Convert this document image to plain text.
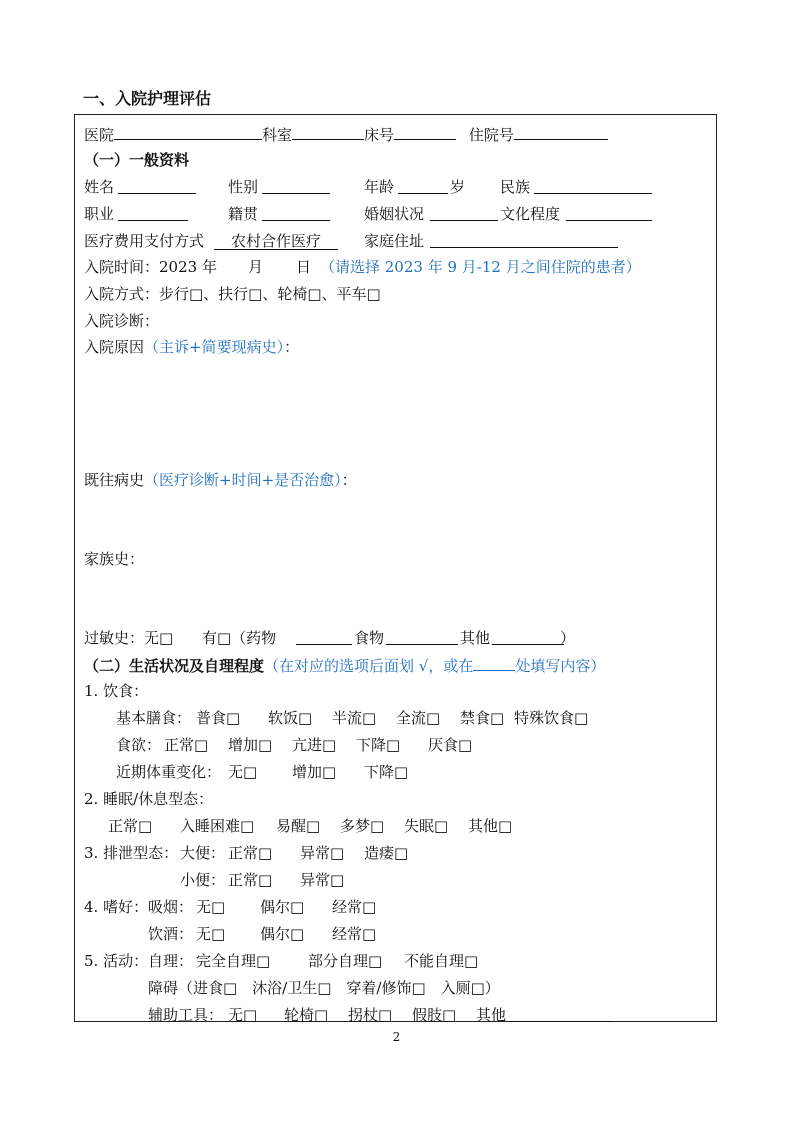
一、入院护理评估
医院	科室	床号	住院号
（一）一般资料
姓名	性别	年龄	岁 民族
职业	籍贯	婚姻状况	文化程度
医疗费用支付方式	农村合作医疗	家庭住址
入院时间：2023 年 月 日 （请选择 2023 年 9 月-12 月之间住院的患者）
入院方式：步行□、扶行□、轮椅□、平车□
入院诊断：
入院原因（主诉+简要现病史）：
既往病史（医疗诊断+时间+是否治愈）：
家族史：
过敏史：无□ 有□（药物	食物	其他	）
（二）生活状况及自理程度（在对应的选项后面划 √，或在	处填写内容）
1. 饮食：
基本膳食： 普食□ 软饭□ 半流□ 全流□ 禁食□ 特殊饮食□
食欲： 正常□ 增加□ 亢进□ 下降□ 厌食□
近期体重变化： 无□ 增加□ 下降□
2. 睡眠/休息型态：
正常□ 入睡困难□ 易醒□ 多梦□ 失眠□ 其他□
3. 排泄型态： 大便： 正常□ 异常□ 造瘘□
小便： 正常□ 异常□
4. 嗜好： 吸烟： 无□ 偶尔□ 经常□
饮酒： 无□ 偶尔□ 经常□
5. 活动： 自理： 完全自理□	部分自理□ 不能自理□
障碍（进食□　沐浴/卫生□　穿着/修饰□　入厕□）
辅助工具： 无□ 轮椅□ 拐杖□ 假肢□ 其他
2
